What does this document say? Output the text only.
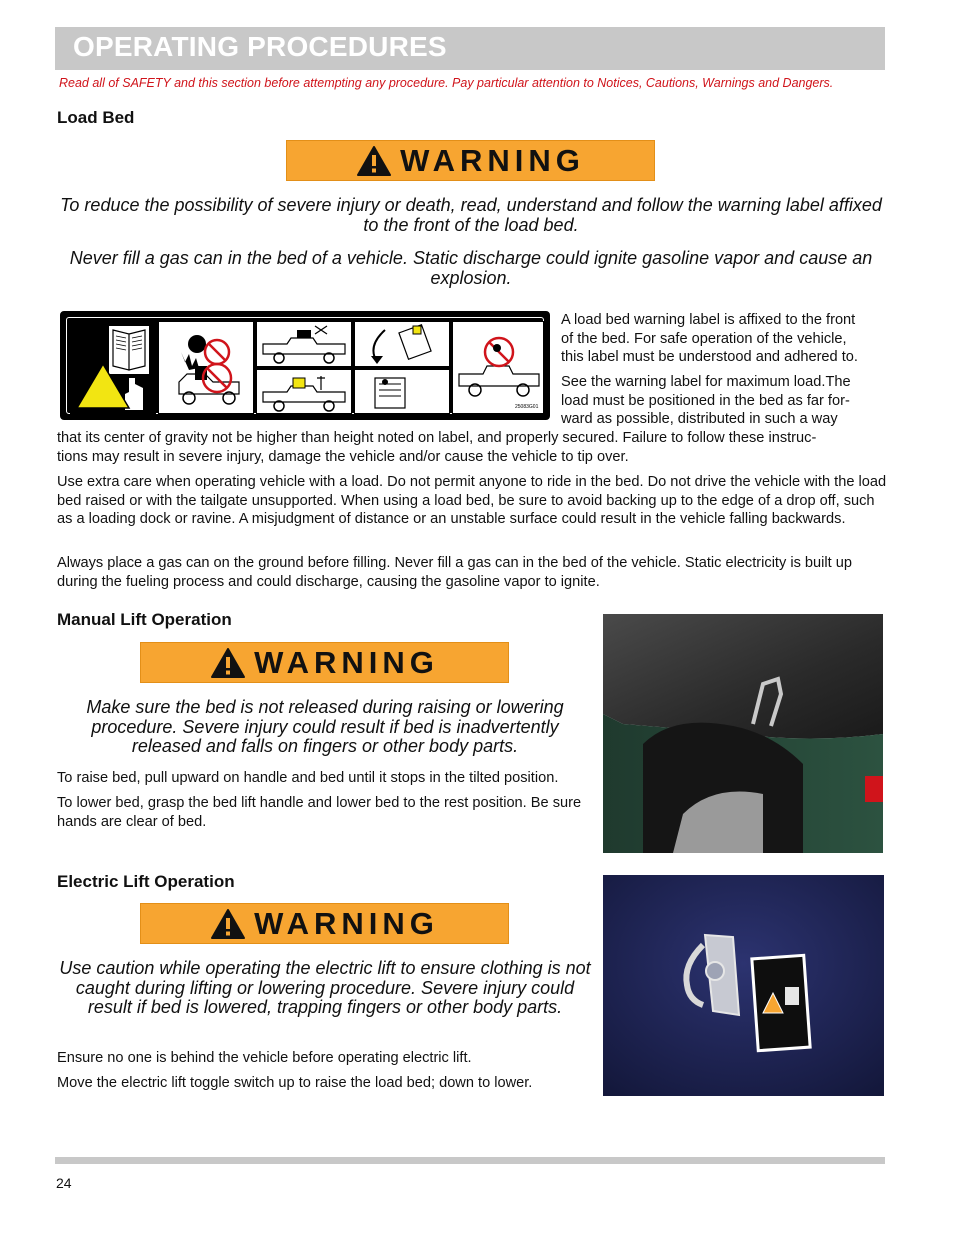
OPERATING PROCEDURES
Read all of SAFETY and this section before attempting any procedure. Pay particular attention to Notices, Cautions, Warnings and Dangers.
Load Bed
WARNING
To reduce the possibility of severe injury or death, read, understand and follow the warning label affixed to the front of the load bed.
Never fill a gas can in the bed of a vehicle. Static discharge could ignite gasoline vapor and cause an explosion.
25083G01
A load bed warning label is affixed to the front
of the bed. For safe operation of the vehicle,
this label must be understood and adhered to.
See the warning label for maximum load.The
load must be positioned in the bed as far for-
ward as possible, distributed in such a way
that its center of gravity not be higher than height noted on label, and properly secured. Failure to follow these instruc-
tions may result in severe injury, damage the vehicle and/or cause the vehicle to tip over.

Use extra care when operating vehicle with a load. Do not permit anyone to ride in the bed. Do not drive the vehicle with the load bed raised or with the tailgate unsupported. When using a load bed, be sure to avoid backing up to the edge of a drop off, such as a loading dock or ravine. A misjudgment of distance or an unstable surface could result in the vehicle falling backwards.

Always place a gas can on the ground before filling. Never fill a gas can in the bed of the vehicle. Static electricity is built up during the fueling process and could discharge, causing the gasoline vapor to ignite.

Manual Lift Operation
WARNING
Make sure the bed is not released during raising or lowering procedure. Severe injury could result if bed is inadvertently released and falls on fingers or other body parts.

To raise bed, pull upward on handle and bed until it stops in the tilted position.

To lower bed, grasp the bed lift handle and lower bed to the rest position. Be sure hands are clear of bed.

Electric Lift Operation
WARNING
Use caution while operating the electric lift to ensure clothing is not caught during lifting or lowering procedure. Severe injury could result if bed is lowered, trapping fingers or other body parts.

Ensure no one is behind the vehicle before operating electric lift.

Move the electric lift toggle switch up to raise the load bed; down to lower.

24
